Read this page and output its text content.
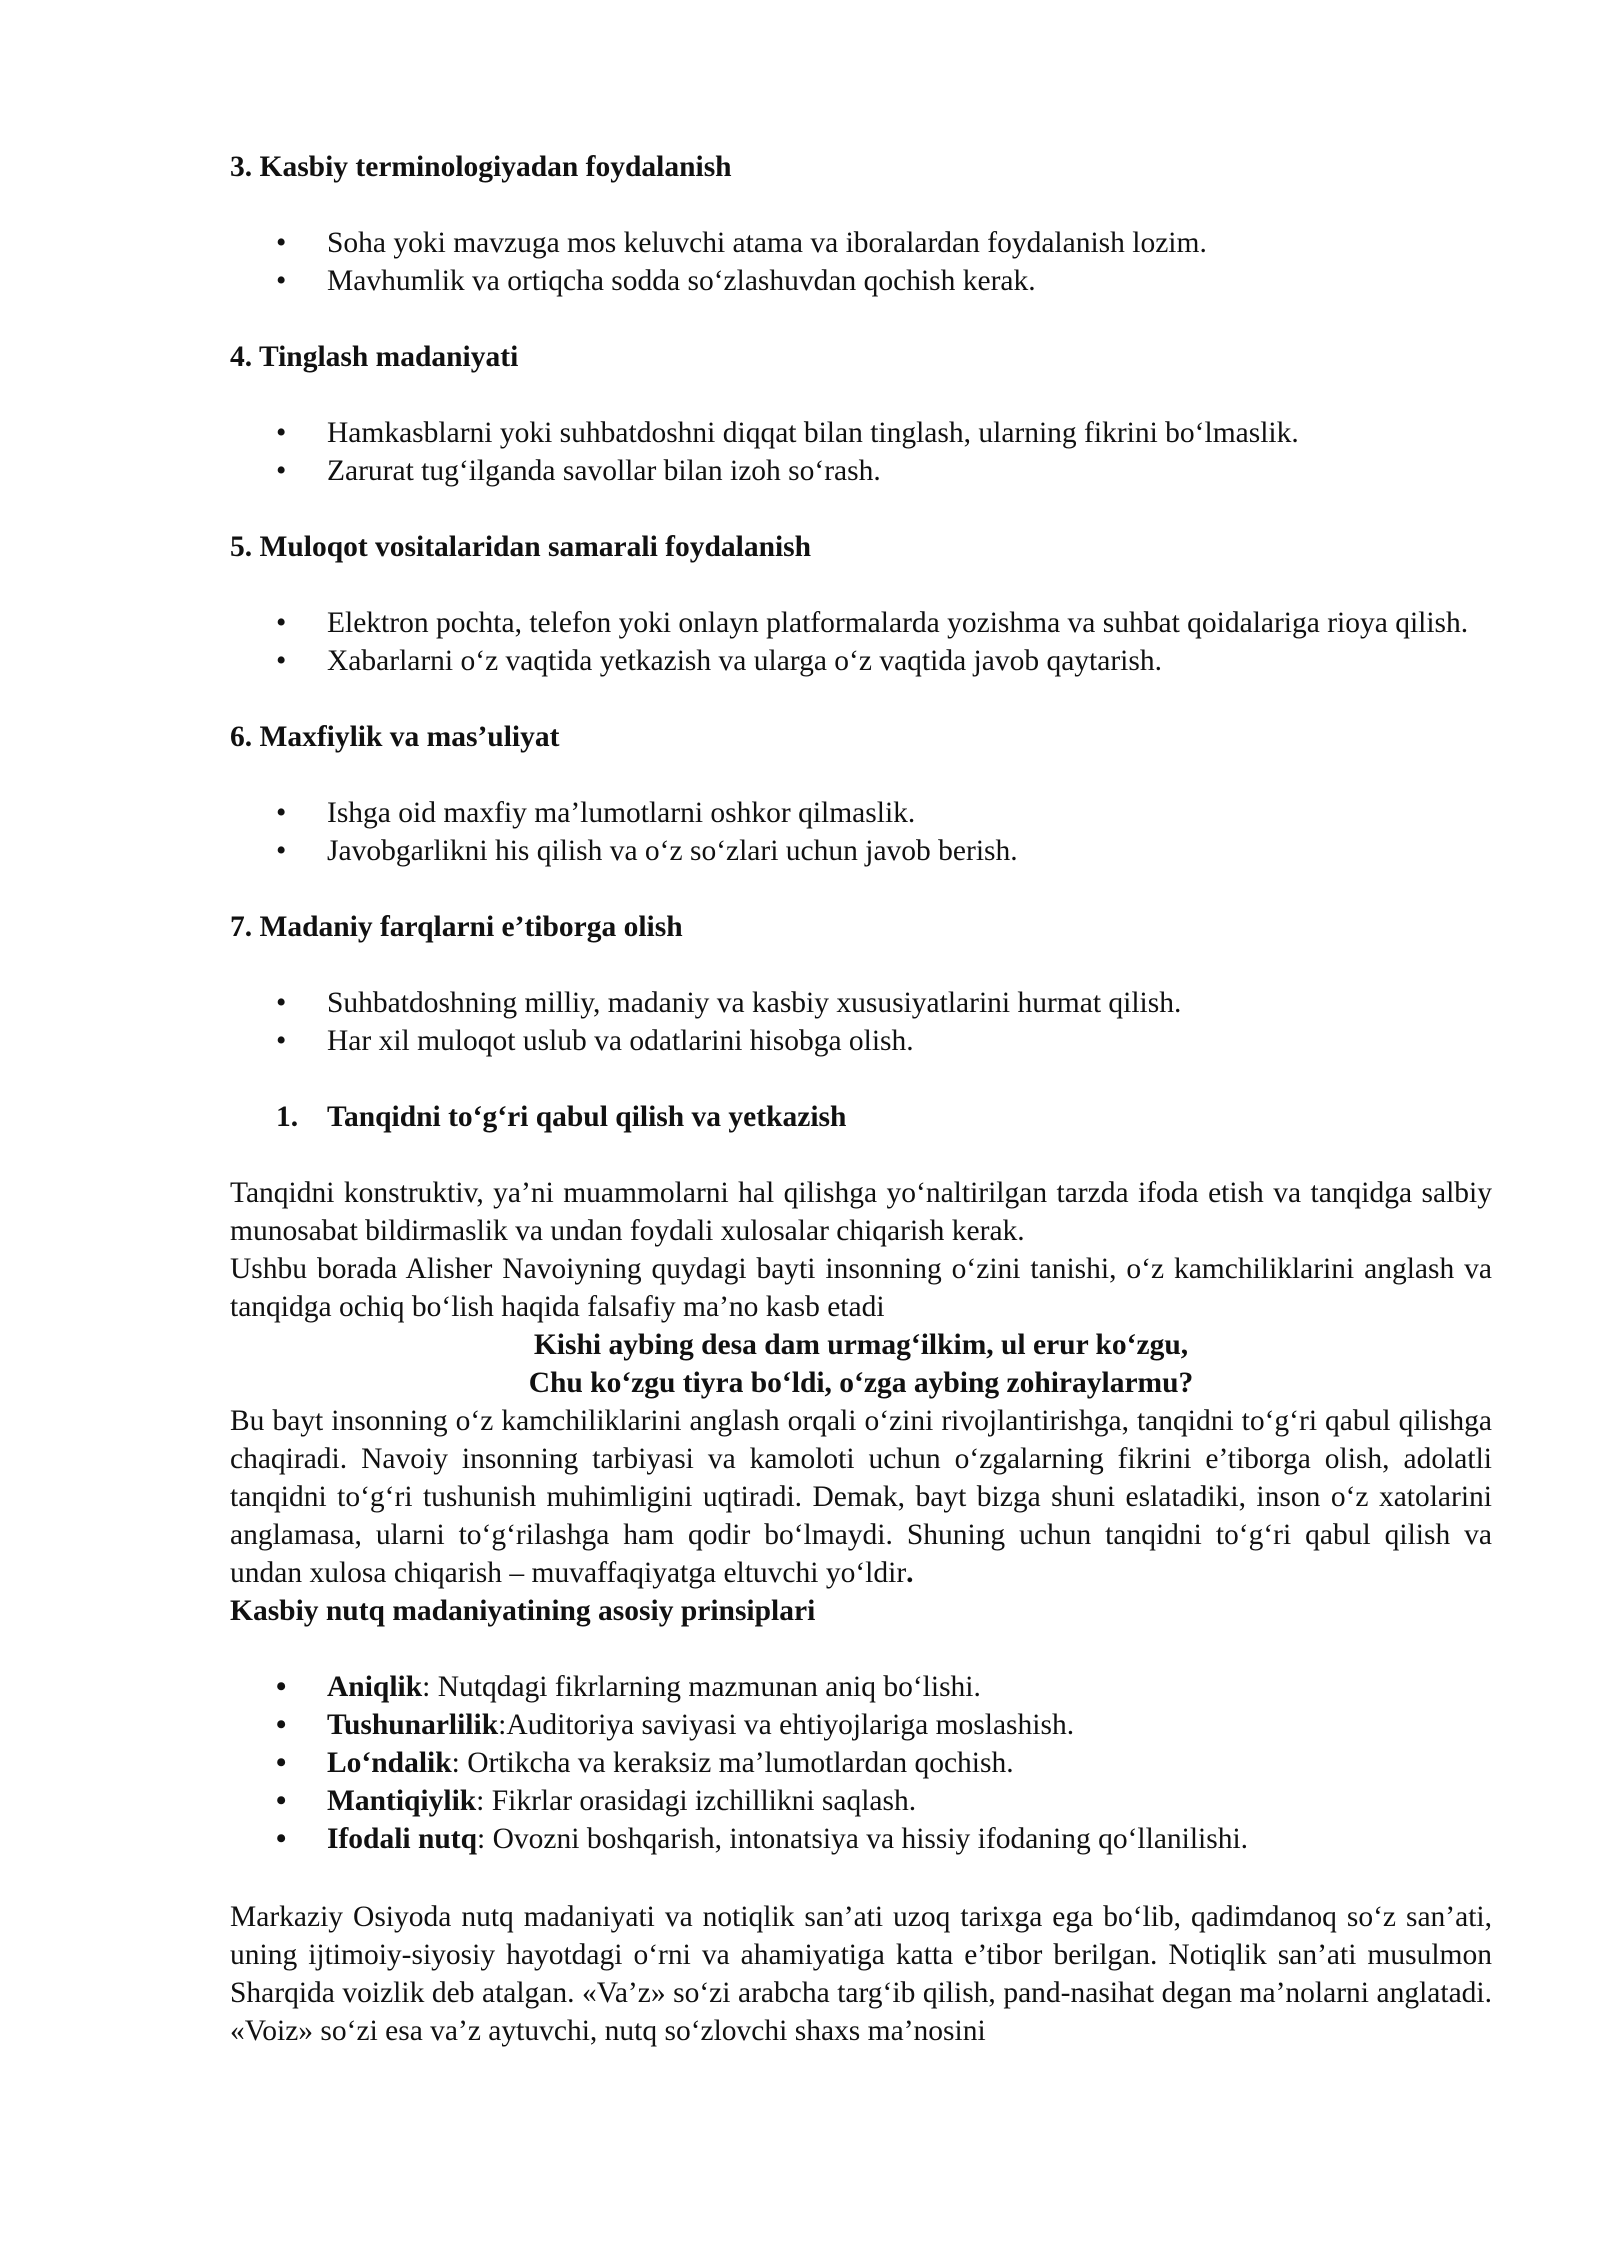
3. Kasbiy terminologiyadan foydalanish
• Soha yoki mavzuga mos keluvchi atama va iboralardan foydalanish lozim.
• Mavhumlik va ortiqcha sodda so‘zlashuvdan qochish kerak.
4. Tinglash madaniyati
• Hamkasblarni yoki suhbatdoshni diqqat bilan tinglash, ularning fikrini bo‘lmaslik.
• Zarurat tug‘ilganda savollar bilan izoh so‘rash.
5. Muloqot vositalaridan samarali foydalanish
• Elektron pochta, telefon yoki onlayn platformalarda yozishma va suhbat qoidalariga rioya qilish.
• Xabarlarni o‘z vaqtida yetkazish va ularga o‘z vaqtida javob qaytarish.
6. Maxfiylik va mas’uliyat
• Ishga oid maxfiy ma’lumotlarni oshkor qilmaslik.
• Javobgarlikni his qilish va o‘z so‘zlari uchun javob berish.
7. Madaniy farqlarni e’tiborga olish
• Suhbatdoshning milliy, madaniy va kasbiy xususiyatlarini hurmat qilish.
• Har xil muloqot uslub va odatlarini hisobga olish.
1. Tanqidni to‘g‘ri qabul qilish va yetkazish

Tanqidni konstruktiv, ya’ni muammolarni hal qilishga yo‘naltirilgan tarzda ifoda etish va tanqidga salbiy munosabat bildirmaslik va undan foydali xulosalar chiqarish kerak.

Ushbu borada Alisher Navoiyning quydagi bayti insonning o‘zini tanishi, o‘z kamchiliklarini anglash va tanqidga ochiq bo‘lish haqida falsafiy ma’no kasb etadi

Kishi aybing desa dam urmag‘ilkim, ul erur ko‘zgu,

Chu ko‘zgu tiyra bo‘ldi, o‘zga aybing zohiraylarmu?

Bu bayt insonning o‘z kamchiliklarini anglash orqali o‘zini rivojlantirishga, tanqidni to‘g‘ri qabul qilishga chaqiradi. Navoiy insonning tarbiyasi va kamoloti uchun o‘zgalarning fikrini e’tiborga olish, adolatli tanqidni to‘g‘ri tushunish muhimligini uqtiradi. Demak, bayt bizga shuni eslatadiki, inson o‘z xatolarini anglamasa, ularni to‘g‘rilashga ham qodir bo‘lmaydi. Shuning uchun tanqidni to‘g‘ri qabul qilish va undan xulosa chiqarish – muvaffaqiyatga eltuvchi yo‘ldir.

Kasbiy nutq madaniyatining asosiy prinsiplari
• Aniqlik: Nutqdagi fikrlarning mazmunan aniq bo‘lishi.
• Tushunarlilik:Auditoriya saviyasi va ehtiyojlariga moslashish.
• Lo‘ndalik: Ortikcha va keraksiz ma’lumotlardan qochish.
• Mantiqiylik: Fikrlar orasidagi izchillikni saqlash.
• Ifodali nutq: Ovozni boshqarish, intonatsiya va hissiy ifodaning qo‘llanilishi.

Markaziy Osiyoda nutq madaniyati va notiqlik san’ati uzoq tarixga ega bo‘lib, qadimdanoq so‘z san’ati, uning ijtimoiy-siyosiy hayotdagi o‘rni va ahamiyatiga katta e’tibor berilgan. Notiqlik san’ati musulmon Sharqida voizlik deb atalgan. «Va’z» so‘zi arabcha targ‘ib qilish, pand-nasihat degan ma’nolarni anglatadi. «Voiz» so‘zi esa va’z aytuvchi, nutq so‘zlovchi shaxs ma’nosini
